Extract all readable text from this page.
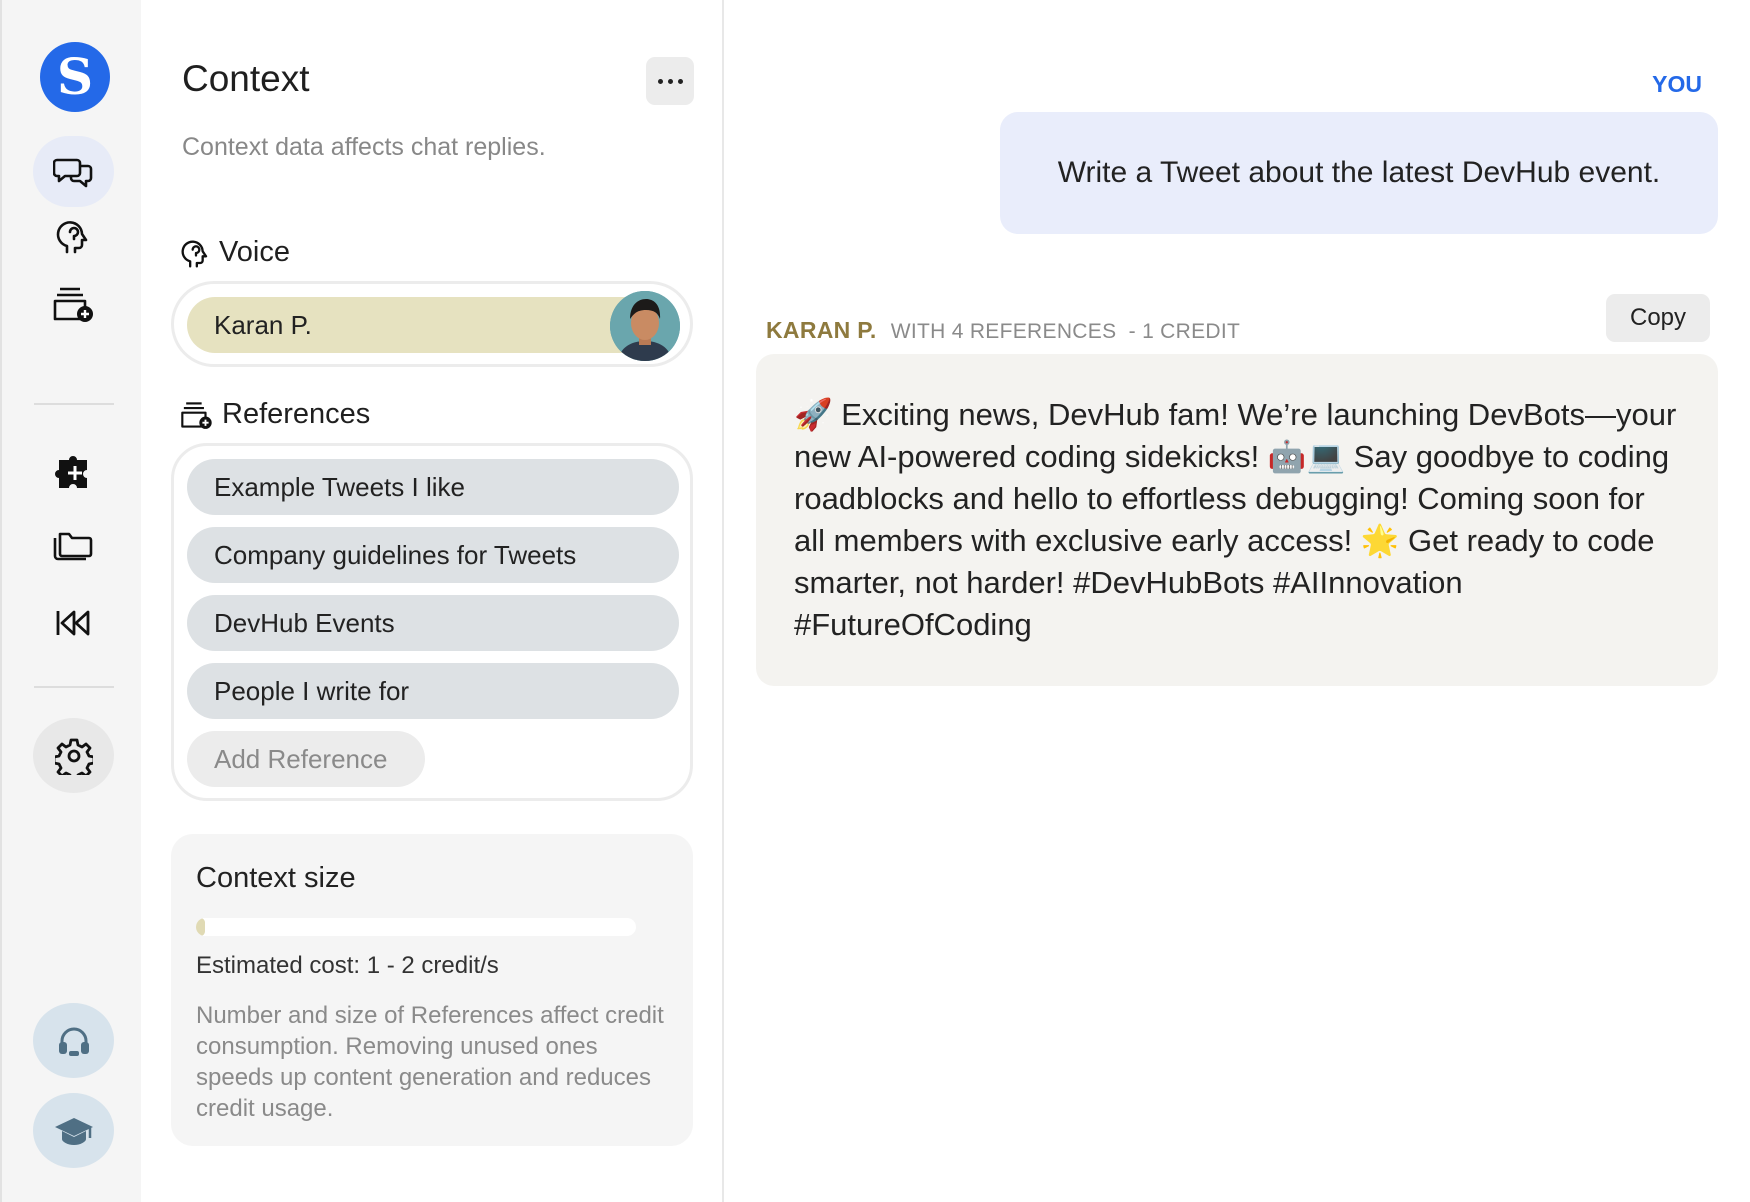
S	Context
Context data affects chat replies.
Voice
Karan P.
References
Example Tweets I like
Company guidelines for Tweets
DevHub Events
People I write for
Add Reference
Context size
Estimated cost: 1 - 2 credit/s
Number and size of References affect credit consumption. Removing unused ones speeds up content generation and reduces credit usage.
YOU
Write a Tweet about the latest DevHub event.
KARAN P. WITH 4 REFERENCES  - 1 CREDIT
Copy
🚀 Exciting news, DevHub fam! We’re launching DevBots—your new AI-powered coding sidekicks! 🤖💻 Say goodbye to coding roadblocks and hello to effortless debugging! Coming soon for all members with exclusive early access! 🌟 Get ready to code smarter, not harder! #DevHubBots #AIInnovation #FutureOfCoding
